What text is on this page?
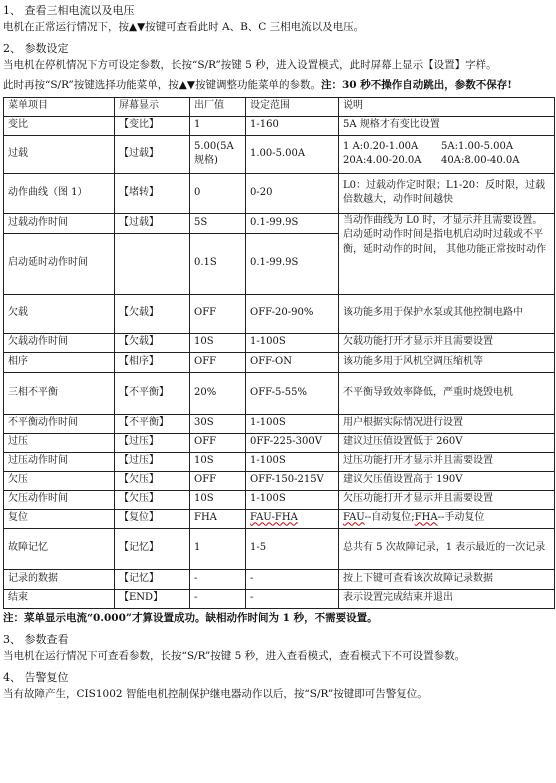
1、 查看三相电流以及电压
电机在正常运行情况下，按▲▼按键可查看此时 A、B、C 三相电流以及电压。
2、 参数设定
当电机在停机情况下方可设定参数，长按“S/R”按键 5 秒，进入设置模式，此时屏幕上显示【设置】字样。
此时再按“S/R”按键选择功能菜单，按▲▼按键调整功能菜单的参数。注：30 秒不操作自动跳出，参数不保存!
菜单项目	屏幕显示	出厂值	设定范围	说明
变比	【变比】	1	1-160	5A 规格才有变比设置
过载	【过载】	5.00(5A 规格)	1.00-5.00A	1 A:0.20-1.00A 5A:1.00-5.00A
20A:4.00-20.0A 40A:8.00-40.0A

动作曲线（图 1）	【堵转】	0	0-20	L0：过载动作定时限；L1-20：反时限，过载倍数越大，动作时间越快
过载动作时间	【过载】	5S	0.1-99.9S	当动作曲线为 L0 时，才显示并且需要设置。启动延时动作时间是指电机启动时过载或不平衡，延时动作的时间， 其他功能正常按时动作
启动延时动作时间		0.1S	0.1-99.9S	
欠载	【欠载】	OFF	OFF-20-90%	该功能多用于保护水泵或其他控制电路中
欠载动作时间	【欠载】	10S	1-100S	欠载功能打开才显示并且需要设置
相序	【相序】	OFF	OFF-ON	该功能多用于风机空调压缩机等
三相不平衡	【不平衡】	20%	OFF-5-55%	不平衡导致效率降低，严重时烧毁电机
不平衡动作时间	【不平衡】	30S	1-100S	用户根据实际情况进行设置
过压	【过压】	OFF	0FF-225-300V	建议过压值设置低于 260V
过压动作时间	【过压】	10S	1-100S	过压功能打开才显示并且需要设置
欠压	【欠压】	OFF	OFF-150-215V	建议欠压值设置高于 190V
欠压动作时间	【欠压】	10S	1-100S	欠压功能打开才显示并且需要设置
复位	【复位】	FHA	FAU-FHA	FAU--自动复位;FHA--手动复位
故障记忆	【记忆】	1	1-5	总共有 5 次故障记录，1 表示最近的一次记录
记录的数据	【记忆】	-	-	按上下键可查看该次故障记录数据
结束	【END】	-	-	表示设置完成结束并退出
注：菜单显示电流“0.000”才算设置成功。缺相动作时间为 1 秒，不需要设置。
3、 参数查看
当电机在运行情况下可查看参数，长按“S/R”按键 5 秒，进入查看模式，查看模式下不可设置参数。
4、 告警复位
当有故障产生，CIS1002 智能电机控制保护继电器动作以后，按“S/R”按键即可告警复位。
